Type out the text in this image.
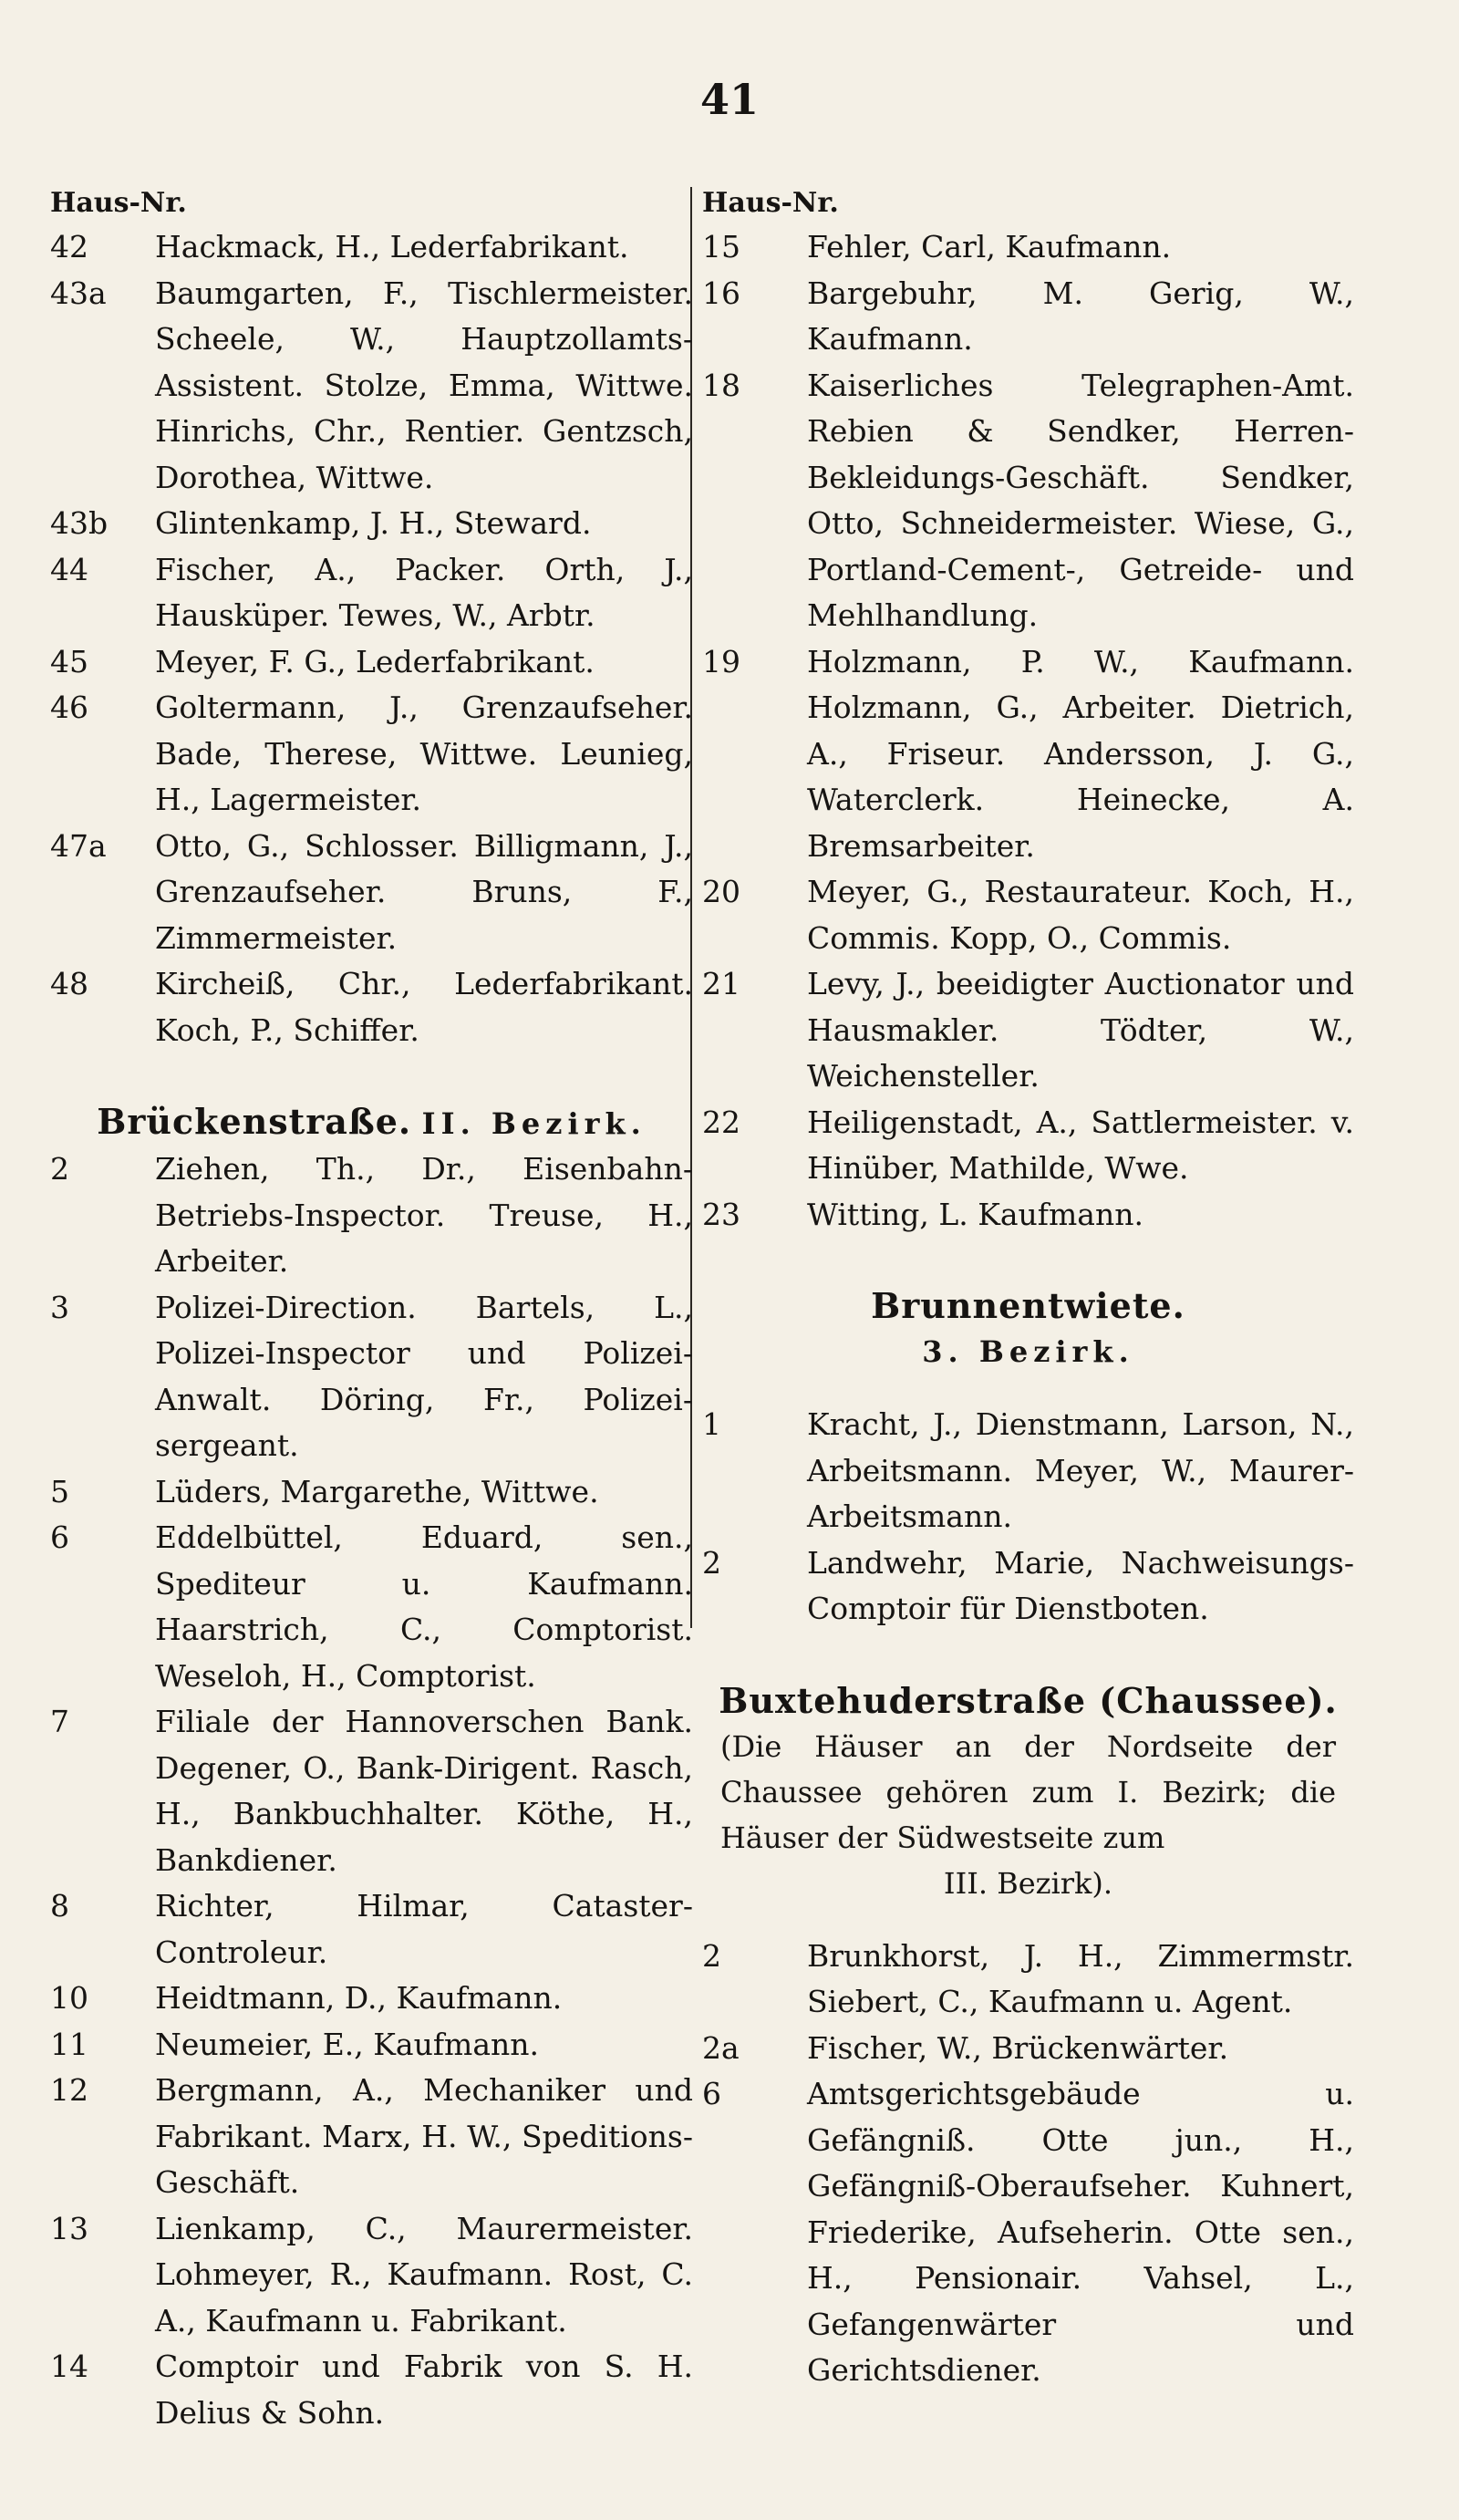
41
Haus-Nr.
42	Hackmack, H., Lederfabrikant.
43a	Baumgarten, F., Tischlermeister. Scheele, W., Hauptzollamts-Assistent. Stolze, Emma, Wittwe. Hinrichs, Chr., Rentier. Gentzsch, Dorothea, Wittwe.
43b	Glintenkamp, J. H., Steward.
44	Fischer, A., Packer. Orth, J., Hausküper. Tewes, W., Arbtr.
45	Meyer, F. G., Lederfabrikant.
46	Goltermann, J., Grenzaufseher. Bade, Therese, Wittwe. Leunieg, H., Lagermeister.
47a	Otto, G., Schlosser. Billigmann, J., Grenzaufseher. Bruns, F., Zimmermeister.
48	Kircheiß, Chr., Lederfabrikant. Koch, P., Schiffer.
Brückenstraße. II. Bezirk.
2	Ziehen, Th., Dr., Eisenbahn-Betriebs-Inspector. Treuse, H., Arbeiter.
3	Polizei-Direction. Bartels, L., Polizei-Inspector und Polizei-Anwalt. Döring, Fr., Polizei-sergeant.
5	Lüders, Margarethe, Wittwe.
6	Eddelbüttel, Eduard, sen., Spediteur u. Kaufmann. Haarstrich, C., Comptorist. Weseloh, H., Comptorist.
7	Filiale der Hannoverschen Bank. Degener, O., Bank-Dirigent. Rasch, H., Bankbuchhalter. Köthe, H., Bankdiener.
8	Richter, Hilmar, Cataster-Controleur.
10	Heidtmann, D., Kaufmann.
11	Neumeier, E., Kaufmann.
12	Bergmann, A., Mechaniker und Fabrikant. Marx, H. W., Speditions-Geschäft.
13	Lienkamp, C., Maurermeister. Lohmeyer, R., Kaufmann. Rost, C. A., Kaufmann u. Fabrikant.
14	Comptoir und Fabrik von S. H. Delius & Sohn.
Haus-Nr.
15	Fehler, Carl, Kaufmann.
16	Bargebuhr, M. Gerig, W., Kaufmann.
18	Kaiserliches Telegraphen-Amt. Rebien & Sendker, Herren-Bekleidungs-Geschäft. Sendker, Otto, Schneidermeister. Wiese, G., Portland-Cement-, Getreide- und Mehlhandlung.
19	Holzmann, P. W., Kaufmann. Holzmann, G., Arbeiter. Dietrich, A., Friseur. Andersson, J. G., Waterclerk. Heinecke, A. Bremsarbeiter.
20	Meyer, G., Restaurateur. Koch, H., Commis. Kopp, O., Commis.
21	Levy, J., beeidigter Auctionator und Hausmakler. Tödter, W., Weichensteller.
22	Heiligenstadt, A., Sattlermeister. v. Hinüber, Mathilde, Wwe.
23	Witting, L. Kaufmann.
Brunnentwiete.
3. Bezirk.
1	Kracht, J., Dienstmann, Larson, N., Arbeitsmann. Meyer, W., Maurer-Arbeitsmann.
2	Landwehr, Marie, Nachweisungs-Comptoir für Dienstboten.
Buxtehuderstraße (Chaussee).
(Die Häuser an der Nordseite der Chaussee gehören zum I. Bezirk; die Häuser der Südwestseite zum
III. Bezirk).
2	Brunkhorst, J. H., Zimmermstr. Siebert, C., Kaufmann u. Agent.
2a	Fischer, W., Brückenwärter.
6	Amtsgerichtsgebäude u. Gefängniß. Otte jun., H., Gefängniß-Oberaufseher. Kuhnert, Friederike, Aufseherin. Otte sen., H., Pensionair. Vahsel, L., Gefangenwärter und Gerichtsdiener.
